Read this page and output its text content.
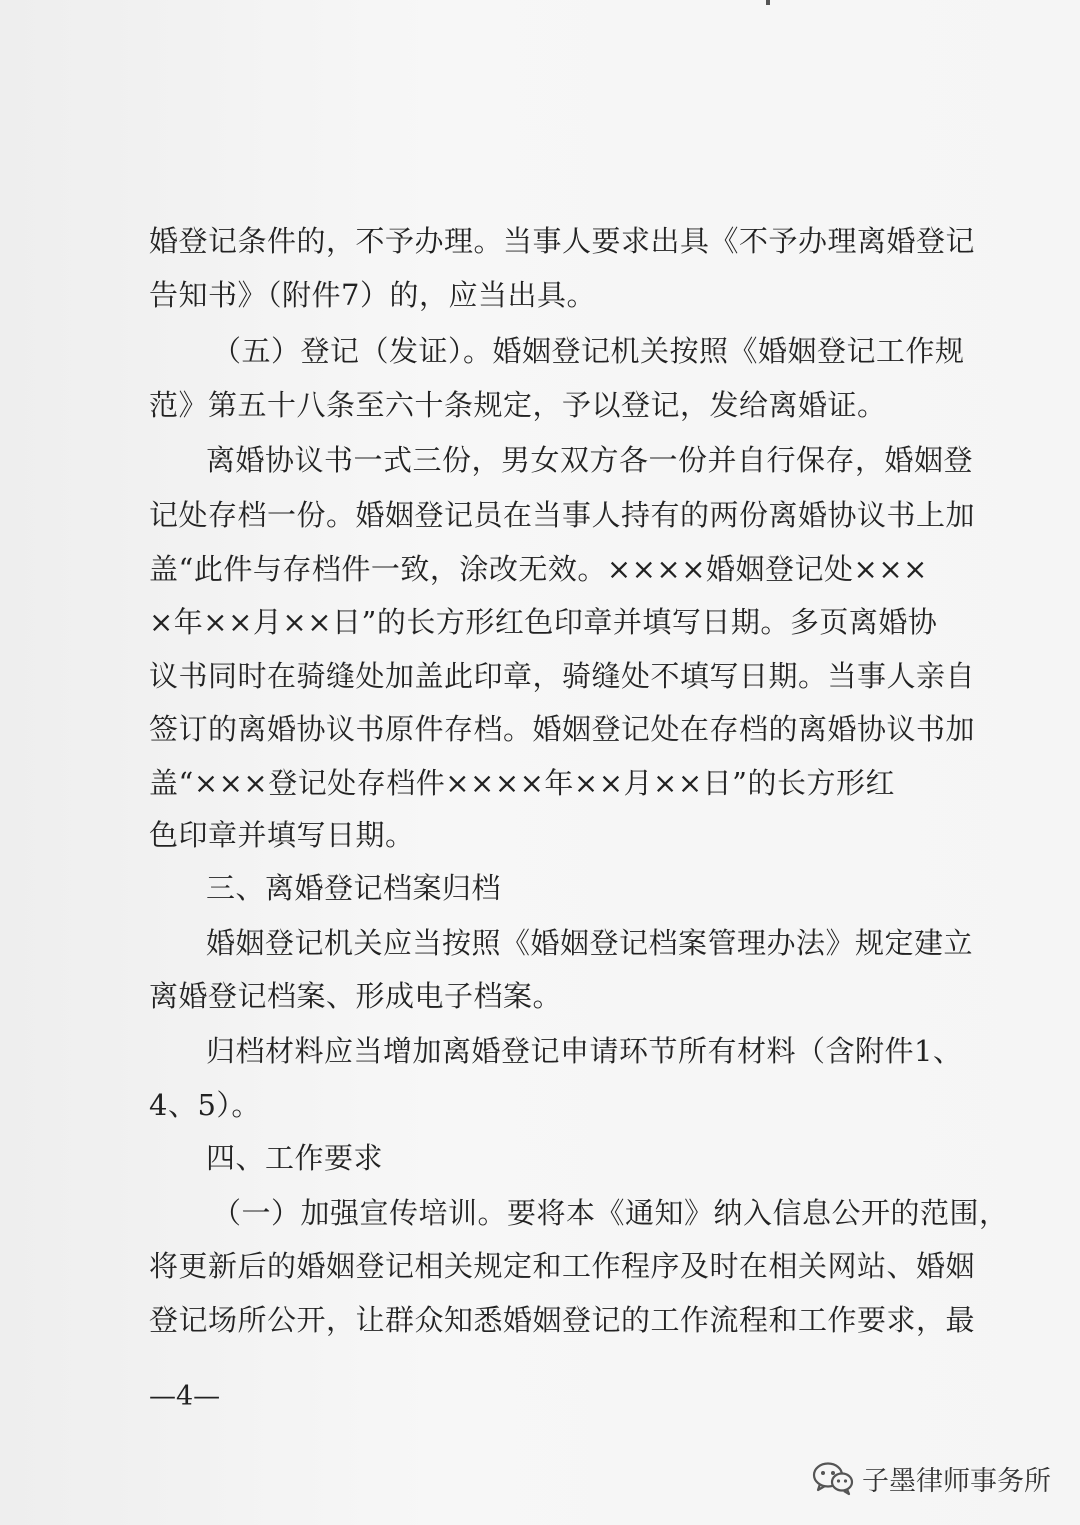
婚登记条件的，不予办理。当事人要求出具《不予办理离婚登记
告知书》（附件7）的，应当出具。
（五）登记（发证）。婚姻登记机关按照《婚姻登记工作规
范》第五十八条至六十条规定，予以登记，发给离婚证。
离婚协议书一式三份，男女双方各一份并自行保存，婚姻登
记处存档一份。婚姻登记员在当事人持有的两份离婚协议书上加
盖“此件与存档件一致，涂改无效。××××婚姻登记处×××
×年××月××日”的长方形红色印章并填写日期。多页离婚协
议书同时在骑缝处加盖此印章，骑缝处不填写日期。当事人亲自
签订的离婚协议书原件存档。婚姻登记处在存档的离婚协议书加
盖“×××登记处存档件××××年××月××日”的长方形红
色印章并填写日期。
三、离婚登记档案归档
婚姻登记机关应当按照《婚姻登记档案管理办法》规定建立
离婚登记档案、形成电子档案。
归档材料应当增加离婚登记申请环节所有材料（含附件1、
4、5）。
四、工作要求
（一）加强宣传培训。要将本《通知》纳入信息公开的范围，
将更新后的婚姻登记相关规定和工作程序及时在相关网站、婚姻
登记场所公开，让群众知悉婚姻登记的工作流程和工作要求，最
—4—
子墨律师事务所
